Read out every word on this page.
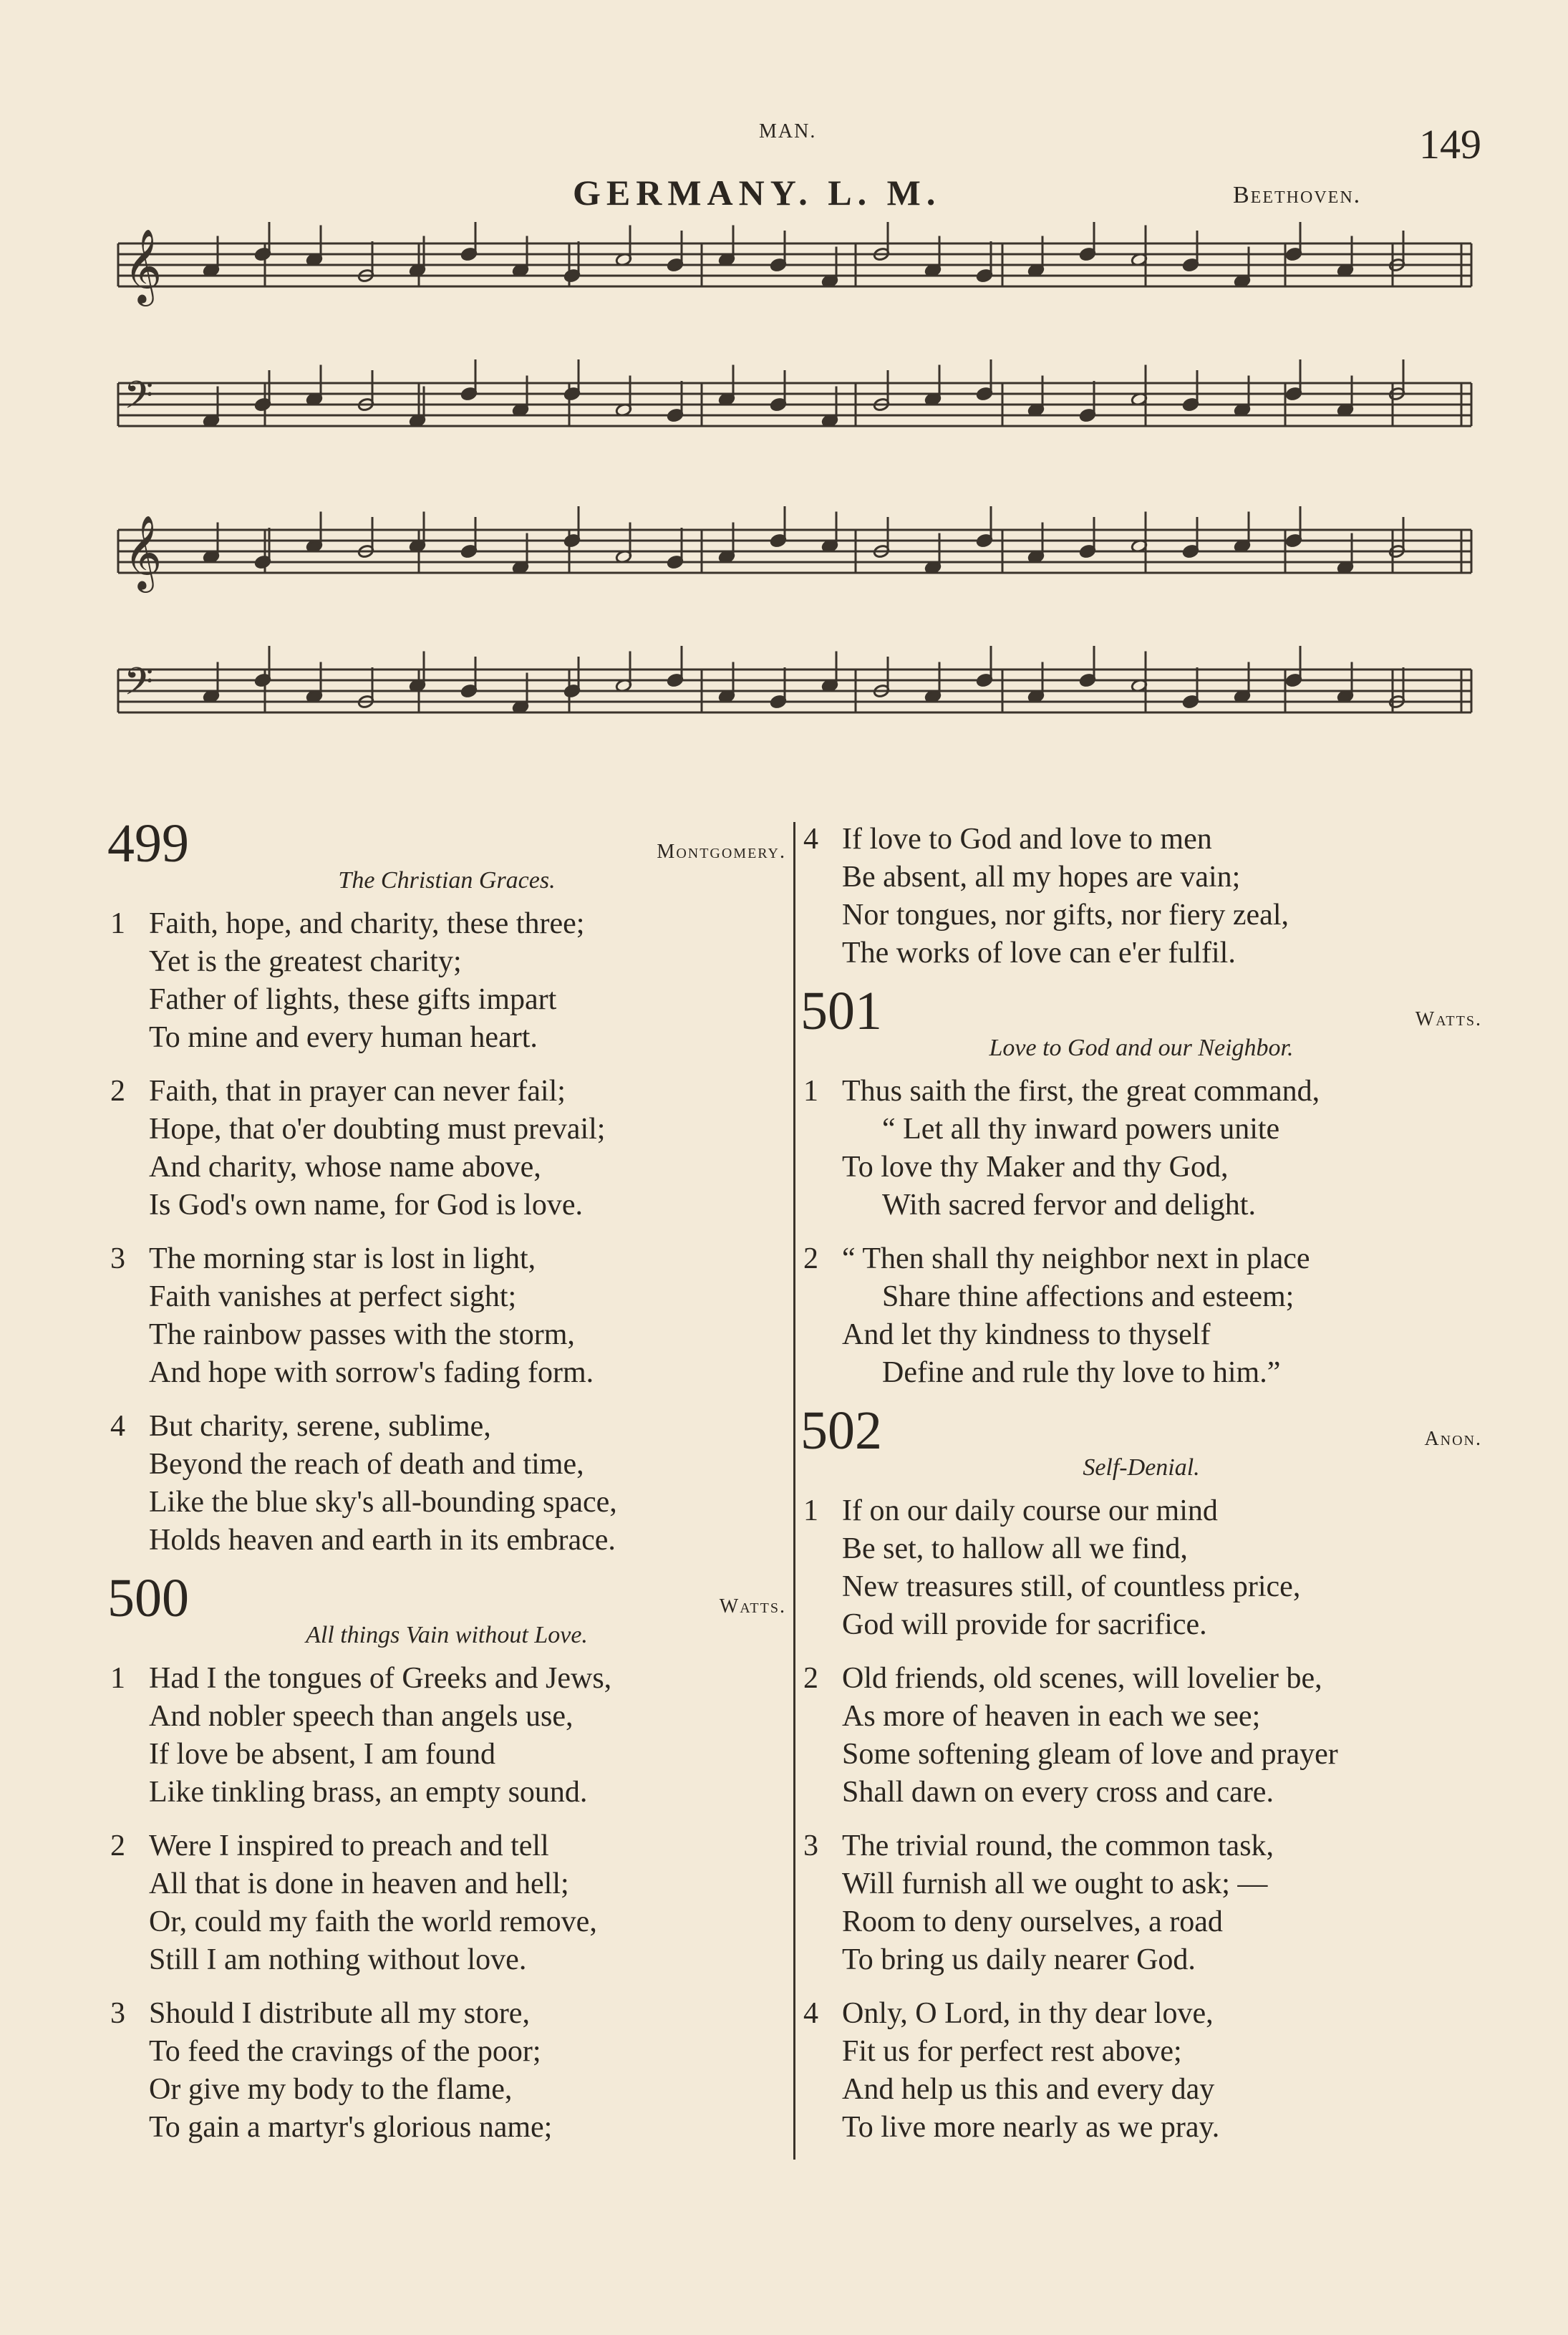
MAN.	149
GERMANY. L. M.	Beethoven.
𝄞
𝄢
𝄞
𝄢
499	Montgomery.
The Christian Graces.
1 Faith, hope, and charity, these three;
Yet is the greatest charity;
Father of lights, these gifts impart
To mine and every human heart.
2 Faith, that in prayer can never fail;
Hope, that o'er doubting must prevail;
And charity, whose name above,
Is God's own name, for God is love.
3 The morning star is lost in light,
Faith vanishes at perfect sight;
The rainbow passes with the storm,
And hope with sorrow's fading form.
4 But charity, serene, sublime,
Beyond the reach of death and time,
Like the blue sky's all-bounding space,
Holds heaven and earth in its embrace.
500	Watts.
All things Vain without Love.
1 Had I the tongues of Greeks and Jews,
And nobler speech than angels use,
If love be absent, I am found
Like tinkling brass, an empty sound.
2 Were I inspired to preach and tell
All that is done in heaven and hell;
Or, could my faith the world remove,
Still I am nothing without love.
3 Should I distribute all my store,
To feed the cravings of the poor;
Or give my body to the flame,
To gain a martyr's glorious name;
4 If love to God and love to men
Be absent, all my hopes are vain;
Nor tongues, nor gifts, nor fiery zeal,
The works of love can e'er fulfil.
501	Watts.
Love to God and our Neighbor.
1 Thus saith the first, the great command,
“ Let all thy inward powers unite
To love thy Maker and thy God,
With sacred fervor and delight.
2 “ Then shall thy neighbor next in place
Share thine affections and esteem;
And let thy kindness to thyself
Define and rule thy love to him.”
502	Anon.
Self-Denial.
1 If on our daily course our mind
Be set, to hallow all we find,
New treasures still, of countless price,
God will provide for sacrifice.
2 Old friends, old scenes, will lovelier be,
As more of heaven in each we see;
Some softening gleam of love and prayer
Shall dawn on every cross and care.
3 The trivial round, the common task,
Will furnish all we ought to ask; —
Room to deny ourselves, a road
To bring us daily nearer God.
4 Only, O Lord, in thy dear love,
Fit us for perfect rest above;
And help us this and every day
To live more nearly as we pray.
